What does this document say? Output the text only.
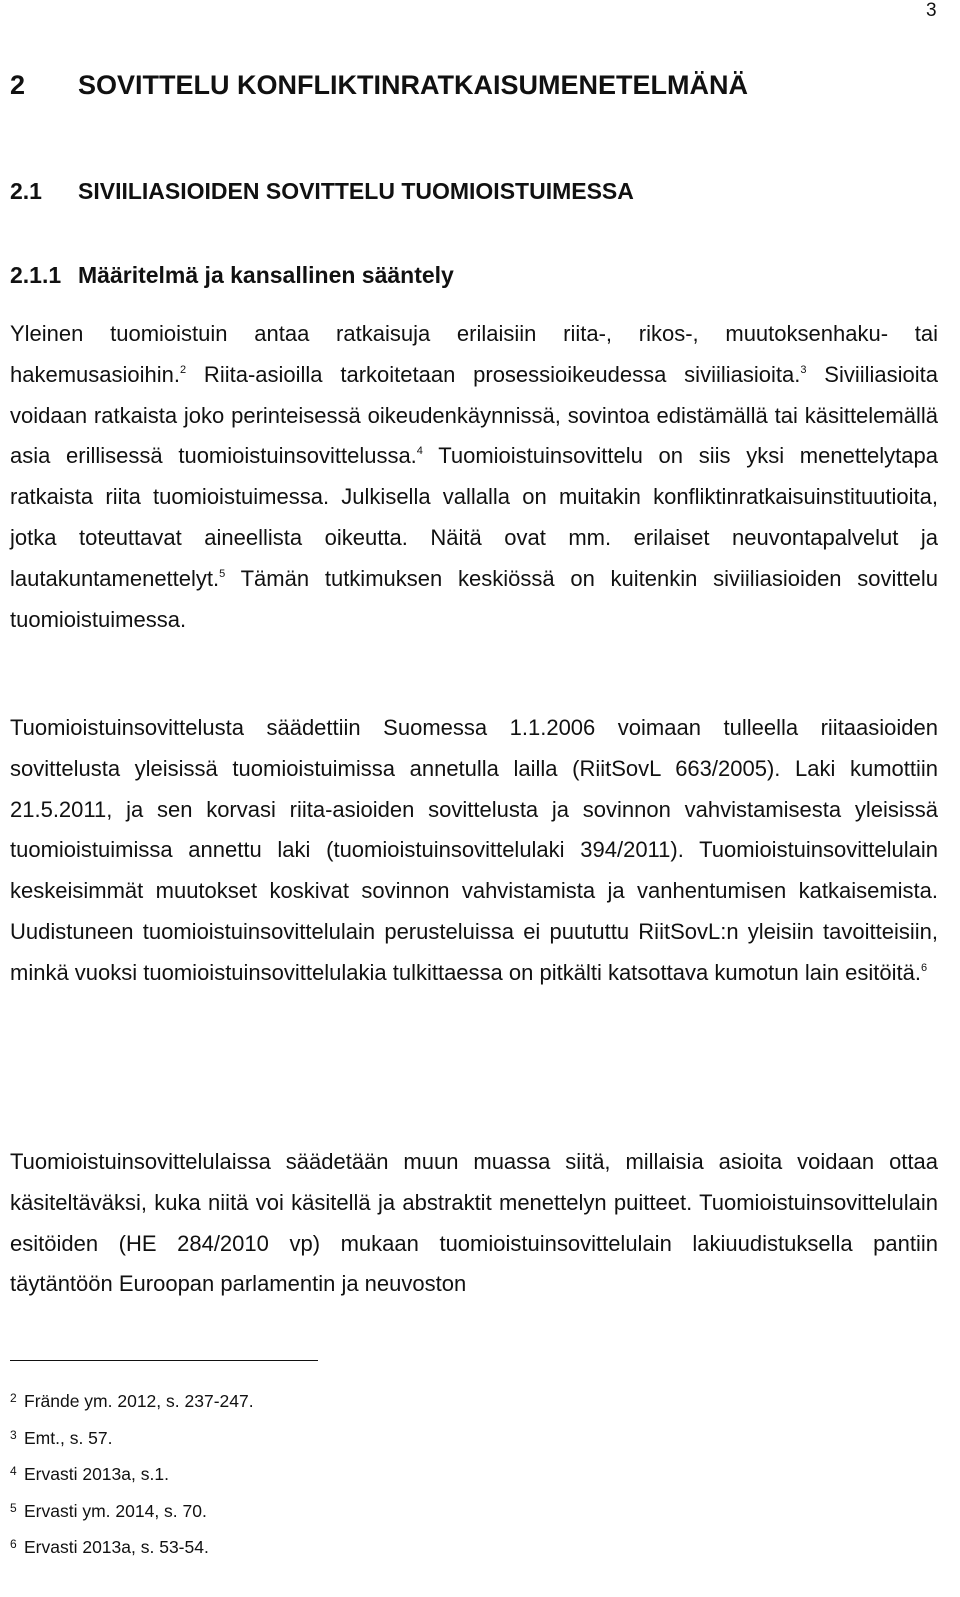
3
2 SOVITTELU KONFLIKTINRATKAISUMENETELMÄNÄ
2.1 SIVIILIASIOIDEN SOVITTELU TUOMIOISTUIMESSA
2.1.1 Määritelmä ja kansallinen sääntely

Yleinen tuomioistuin antaa ratkaisuja erilaisiin riita-, rikos-, muutoksenhaku- tai hakemusasioihin.$^2$ Riita-asioilla tarkoitetaan prosessioikeudessa siviiliasioita.$^3$ Siviiliasioita voidaan ratkaista joko perinteisessä oikeudenkäynnissä, sovintoa edistämällä tai käsittelemällä asia erillisessä tuomioistuinsovittelussa.$^4$ Tuomioistuinsovittelu on siis yksi menettelytapa ratkaista riita tuomioistuimessa. Julkisella vallalla on muitakin konfliktinratkaisuinstituutioita, jotka toteuttavat aineellista oikeutta. Näitä ovat mm. erilaiset neuvontapalvelut ja lautakuntamenettelyt.$^5$ Tämän tutkimuksen keskiössä on kuitenkin siviiliasioiden sovittelu tuomioistuimessa.

Tuomioistuinsovittelusta säädettiin Suomessa 1.1.2006 voimaan tulleella riitaasioiden sovittelusta yleisissä tuomioistuimissa annetulla lailla (RiitSovL 663/2005). Laki kumottiin 21.5.2011, ja sen korvasi riita-asioiden sovittelusta ja sovinnon vahvistamisesta yleisissä tuomioistuimissa annettu laki (tuomioistuinsovittelulaki 394/2011). Tuomioistuinsovittelulain keskeisimmät muutokset koskivat sovinnon vahvistamista ja vanhentumisen katkaisemista. Uudistuneen tuomioistuinsovittelulain perusteluissa ei puututtu RiitSovL:n yleisiin tavoitteisiin, minkä vuoksi tuomioistuinsovittelulakia tulkittaessa on pitkälti katsottava kumotun lain esitöitä.$^6$

Tuomioistuinsovittelulaissa säädetään muun muassa siitä, millaisia asioita voidaan ottaa käsiteltäväksi, kuka niitä voi käsitellä ja abstraktit menettelyn puitteet. Tuomioistuinsovittelulain esitöiden (HE 284/2010 vp) mukaan tuomioistuinsovittelulain lakiuudistuksella pantiin täytäntöön Euroopan parlamentin ja neuvoston

2 Frände ym. 2012, s. 237-247.
3 Emt., s. 57.
4 Ervasti 2013a, s.1.
5 Ervasti ym. 2014, s. 70.
6 Ervasti 2013a, s. 53-54.
